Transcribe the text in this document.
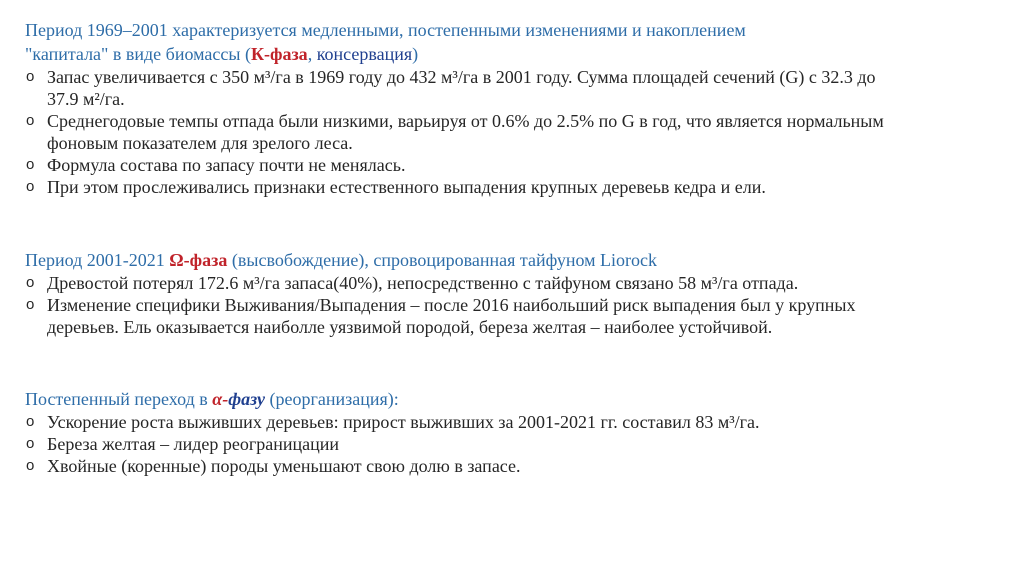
Период 1969–2001 характеризуется медленными, постепенными изменениями и накоплением
"капитала" в виде биомассы (К-фаза, консервация)

o Запас увеличивается с 350 м³/га в 1969 году до 432 м³/га в 2001 году. Сумма площадей сечений (G) с 32.3 до 37.9 м²/га.
o Среднегодовые темпы отпада были низкими, варьируя от 0.6% до 2.5% по G в год, что является нормальным фоновым показателем для зрелого леса.
o Формула состава по запасу почти не менялась.
o При этом прослеживались признаки естественного выпадения крупных деревеьв кедра и ели.

Период 2001-2021 Ω-фаза (высвобождение), спровоцированная тайфуном Liorock

o Древостой потерял 172.6 м³/га запаса(40%), непосредственно с тайфуном связано 58 м³/га отпада.
o Изменение специфики Выживания/Выпадения – после 2016 наибольший риск выпадения был у крупных деревьев. Ель оказывается наиболле уязвимой породой, береза желтая – наиболее устойчивой.

Постепенный переход в α-фазу (реорганизация):

o Ускорение роста выживших деревьев: прирост выживших за 2001-2021 гг. составил 83 м³/га.
o Береза желтая – лидер реограницации
o Хвойные (коренные) породы уменьшают свою долю в запасе.
